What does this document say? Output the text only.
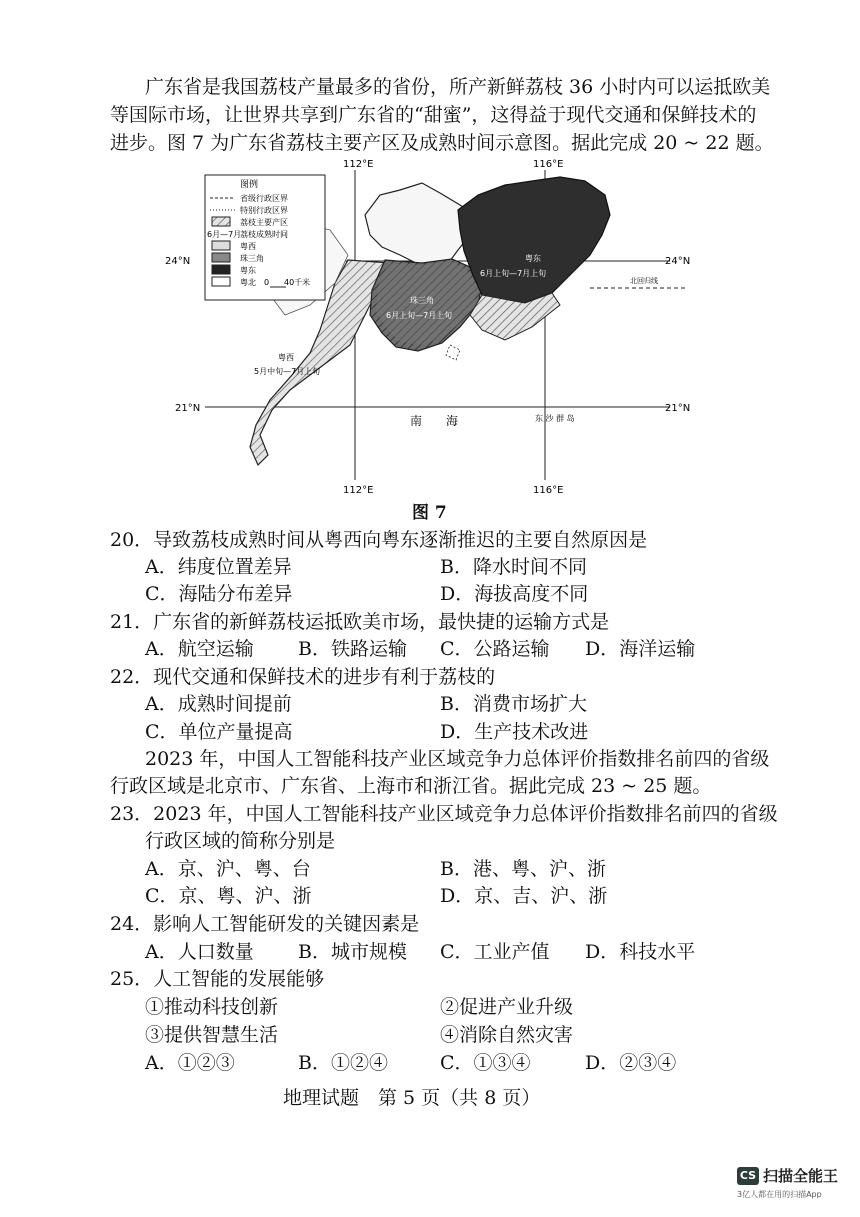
广东省是我国荔枝产量最多的省份，所产新鲜荔枝 36 小时内可以运抵欧美
等国际市场，让世界共享到广东省的“甜蜜”，这得益于现代交通和保鲜技术的
进步。图 7 为广东省荔枝主要产区及成熟时间示意图。据此完成 20 ~ 22 题。
图例
省级行政区界
特别行政区界
荔枝主要产区
6月—7月
荔枝成熟时间
粤西
珠三角
粤东
粤北 0 40千米
112°E	116°E
112°E	116°E
24°N	24°N
21°N	21°N
北回归线
粤东
6月上旬—7月上旬
珠三角
6月上旬—7月上旬
粤西
5月中旬—7月上旬
南　　海	东 沙 群 岛
图 7
20．导致荔枝成熟时间从粤西向粤东逐渐推迟的主要自然原因是
A．纬度位置差异	B．降水时间不同
C．海陆分布差异	D．海拔高度不同
21．广东省的新鲜荔枝运抵欧美市场，最快捷的运输方式是
A．航空运输 B．铁路运输 C．公路运输 D．海洋运输
22．现代交通和保鲜技术的进步有利于荔枝的
A．成熟时间提前	B．消费市场扩大
C．单位产量提高	D．生产技术改进
2023 年，中国人工智能科技产业区域竞争力总体评价指数排名前四的省级
行政区域是北京市、广东省、上海市和浙江省。据此完成 23 ~ 25 题。
23．2023 年，中国人工智能科技产业区域竞争力总体评价指数排名前四的省级
行政区域的简称分别是
A．京、沪、粤、台	B．港、粤、沪、浙
C．京、粤、沪、浙	D．京、吉、沪、浙
24．影响人工智能研发的关键因素是
A．人口数量 B．城市规模 C．工业产值 D．科技水平
25．人工智能的发展能够
①推动科技创新	②促进产业升级
③提供智慧生活	④消除自然灾害
A．①②③	B．①②④	C．①③④	D．②③④
地理试题　第 5 页（共 8 页）
CS 扫描全能王
3亿人都在用的扫描App
